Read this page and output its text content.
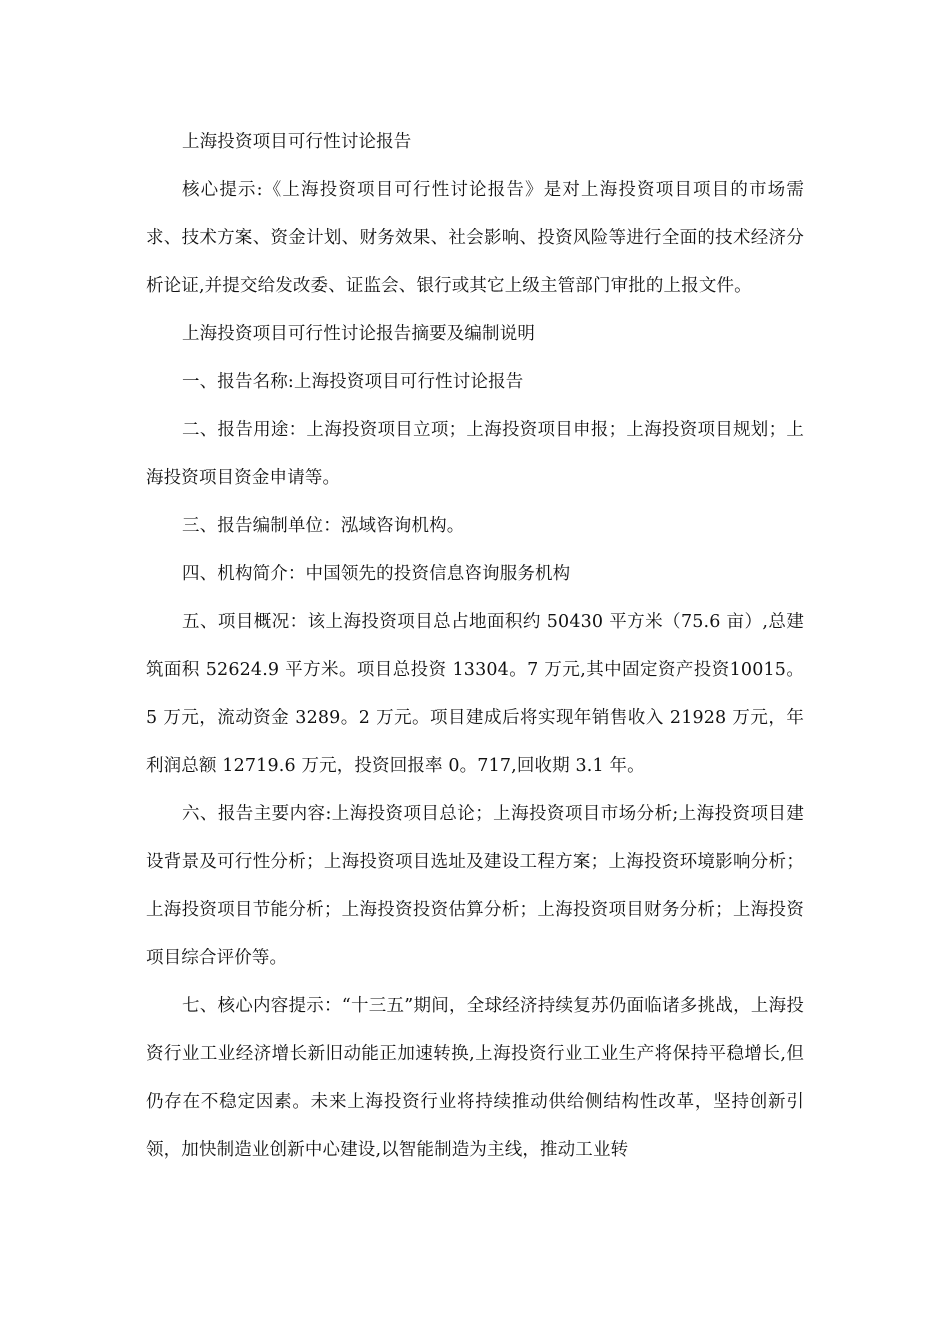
上海投资项目可行性讨论报告

核心提示:《上海投资项目可行性讨论报告》是对上海投资项目项目的市场需求、技术方案、资金计划、财务效果、社会影响、投资风险等进行全面的技术经济分析论证,并提交给发改委、证监会、银行或其它上级主管部门审批的上报文件。

上海投资项目可行性讨论报告摘要及编制说明

一、报告名称:上海投资项目可行性讨论报告

二、报告用途：上海投资项目立项；上海投资项目申报；上海投资项目规划；上海投资项目资金申请等。

三、报告编制单位：泓域咨询机构。

四、机构简介：中国领先的投资信息咨询服务机构

五、项目概况：该上海投资项目总占地面积约 50430 平方米（75.6 亩）,总建筑面积 52624.9 平方米。项目总投资 13304。7 万元,其中固定资产投资10015。5 万元，流动资金 3289。2 万元。项目建成后将实现年销售收入 21928 万元，年利润总额 12719.6 万元，投资回报率 0。717,回收期 3.1 年。

六、报告主要内容:上海投资项目总论；上海投资项目市场分析;上海投资项目建设背景及可行性分析；上海投资项目选址及建设工程方案；上海投资环境影响分析；上海投资项目节能分析；上海投资投资估算分析；上海投资项目财务分析；上海投资项目综合评价等。

七、核心内容提示：“十三五”期间，全球经济持续复苏仍面临诸多挑战，上海投资行业工业经济增长新旧动能正加速转换,上海投资行业工业生产将保持平稳增长,但仍存在不稳定因素。未来上海投资行业将持续推动供给侧结构性改革，坚持创新引领，加快制造业创新中心建设,以智能制造为主线，推动工业转
